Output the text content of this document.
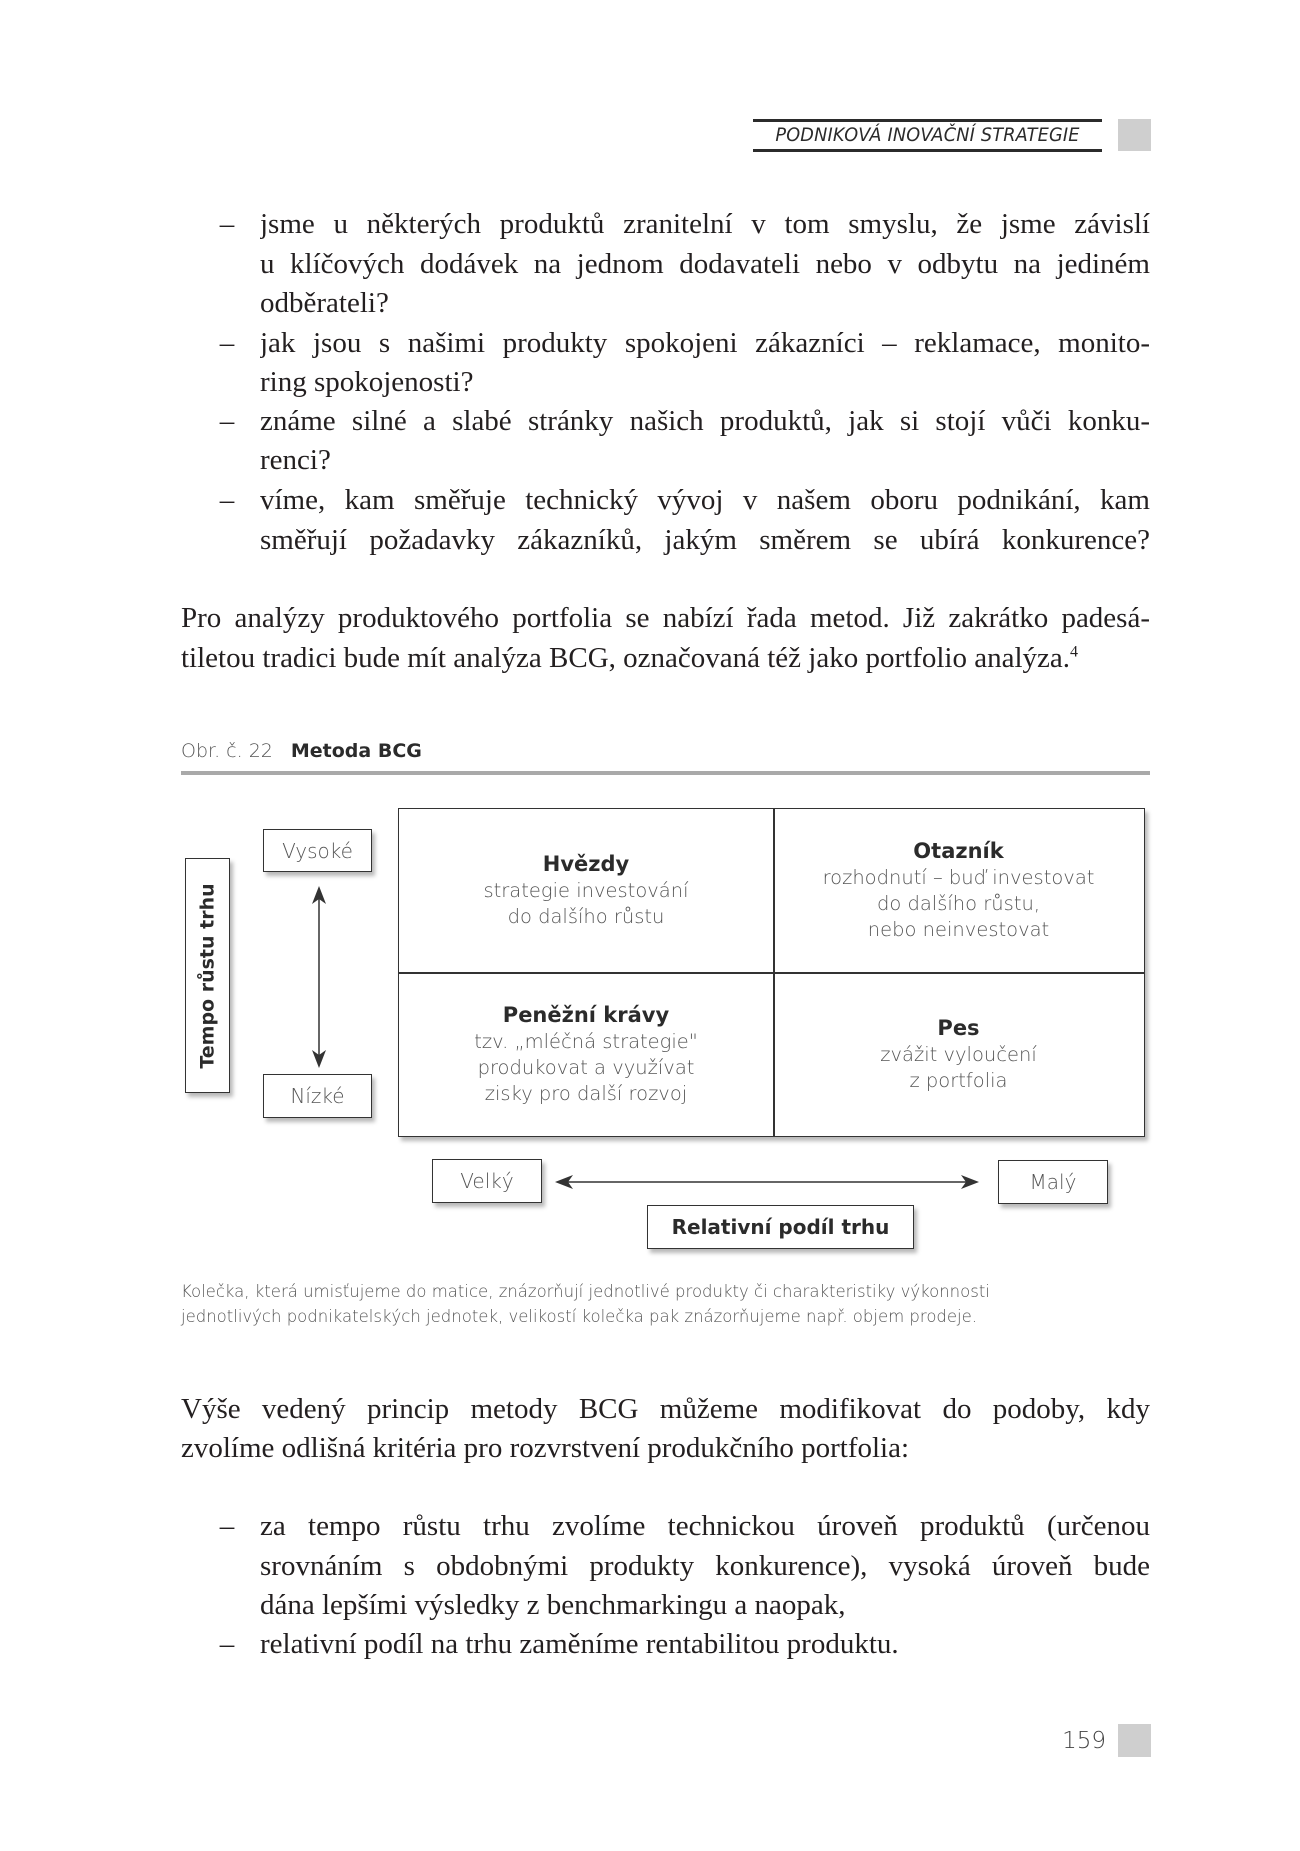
PODNIKOVÁ INOVAČNÍ STRATEGIE
– jsme u některých produktů zranitelní v tom smyslu, že jsme závislí
u klíčových dodávek na jednom dodavateli nebo v odbytu na jediném
odběrateli?
– jak jsou s našimi produkty spokojeni zákazníci – reklamace, monito-
ring spokojenosti?
– známe silné a slabé stránky našich produktů, jak si stojí vůči konku-
renci?
– víme, kam směřuje technický vývoj v našem oboru podnikání, kam
směřují požadavky zákazníků, jakým směrem se ubírá konkurence?
Pro analýzy produktového portfolia se nabízí řada metod. Již zakrátko padesá-
tiletou tradici bude mít analýza BCG, označovaná též jako portfolio analýza.$^4$
Obr. č. 22 Metoda BCG
Tempo růstu trhu
Vysoké
Nízké
Hvězdy
strategie investování
do dalšího růstu
Otazník
rozhodnutí – buď investovat
do dalšího růstu,
nebo neinvestovat
Peněžní krávy
tzv. „mléčná strategie"
produkovat a využívat
zisky pro další rozvoj
Pes
zvážit vyloučení
z portfolia
Velký	Malý
Relativní podíl trhu
Kolečka, která umisťujeme do matice, znázorňují jednotlivé produkty či charakteristiky výkonnosti
jednotlivých podnikatelských jednotek, velikostí kolečka pak znázorňujeme např. objem prodeje.
Výše vedený princip metody BCG můžeme modifikovat do podoby, kdy
zvolíme odlišná kritéria pro rozvrstvení produkčního portfolia:
– za tempo růstu trhu zvolíme technickou úroveň produktů (určenou
srovnáním s obdobnými produkty konkurence), vysoká úroveň bude
dána lepšími výsledky z benchmarkingu a naopak,
– relativní podíl na trhu zaměníme rentabilitou produktu.
159
